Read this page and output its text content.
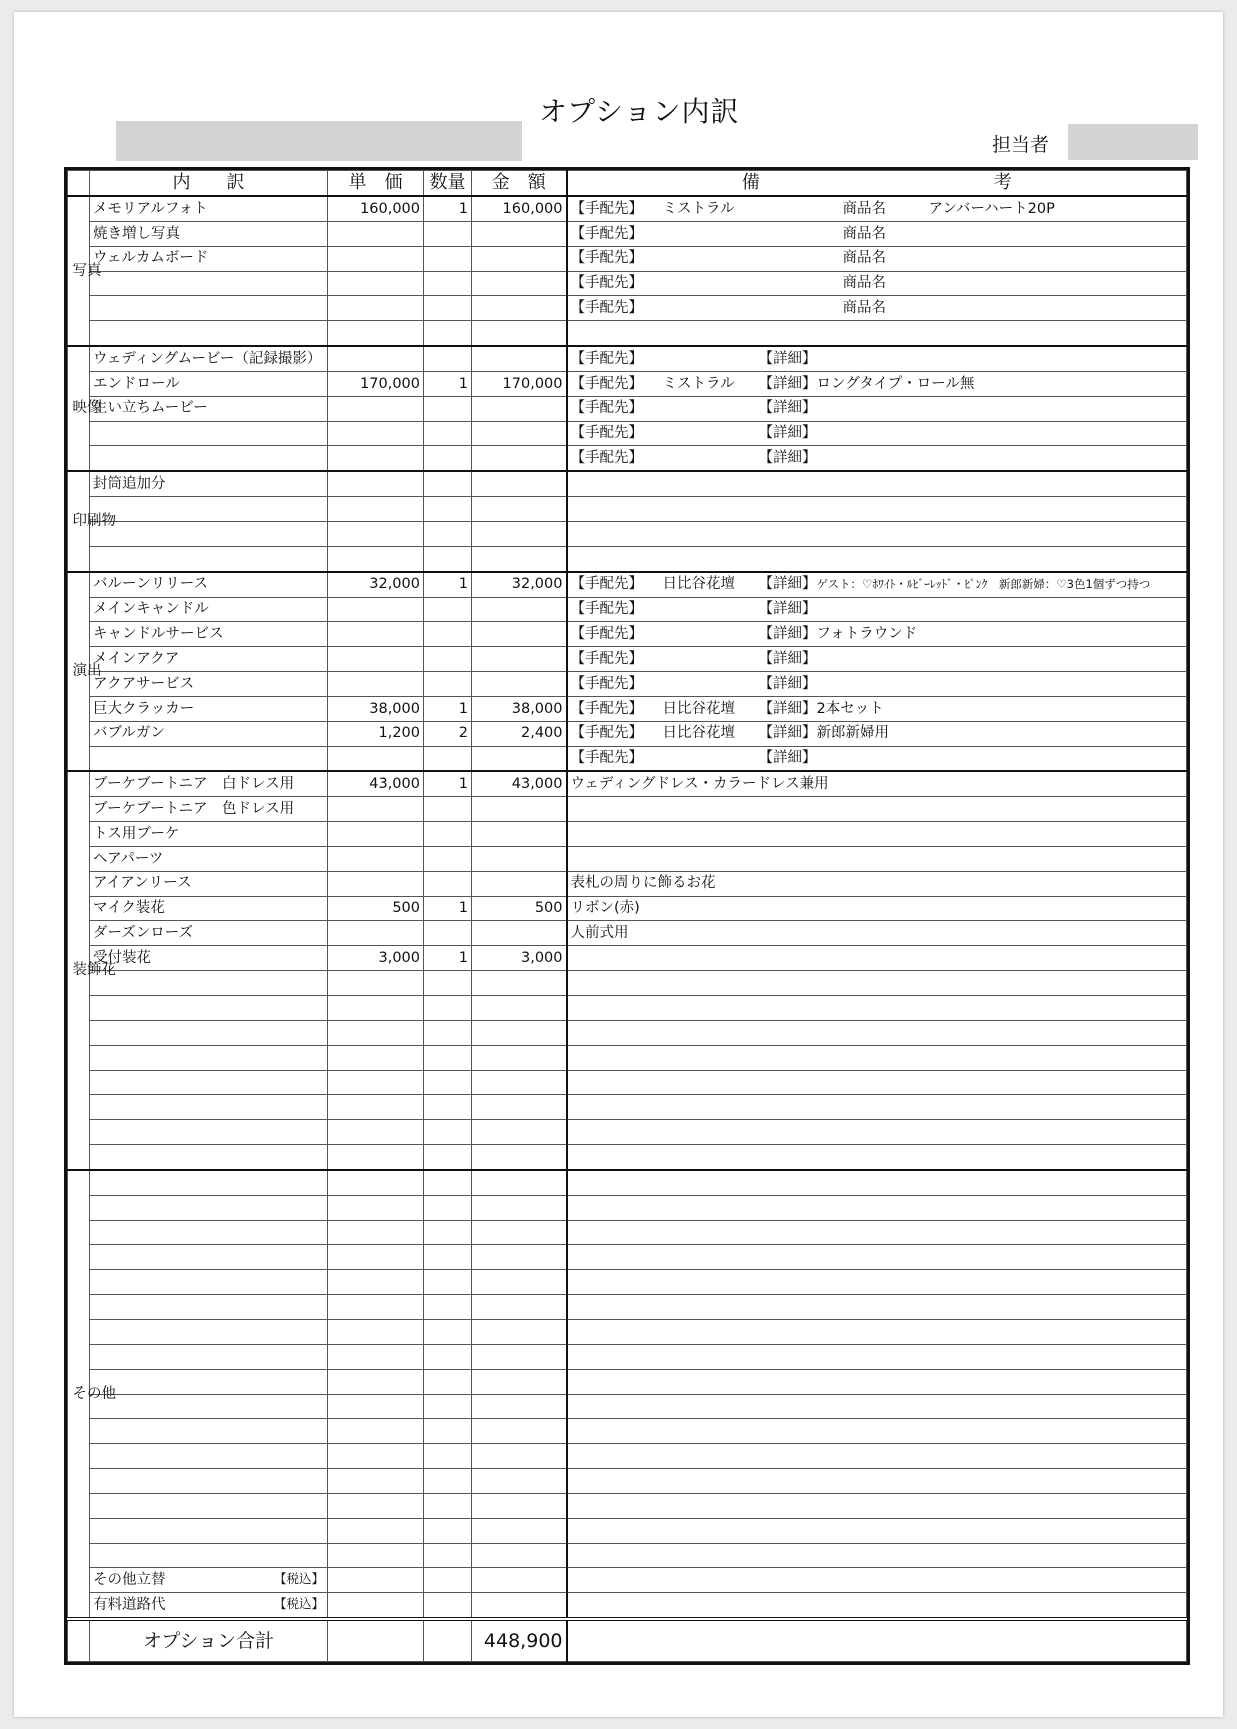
オプション内訳
担当者
	内　　訳	単　価	数量	金　額	備　　　　　　　　　　　　　考
写真	メモリアルフォト	160,000	1	160,000	【手配先】 ミストラル 商品名 アンバーハート20P
	焼き増し写真				【手配先】 商品名
	ウェルカムボード				【手配先】 商品名
					【手配先】 商品名
					【手配先】 商品名

映像	ウェディングムービー（記録撮影）				【手配先】 【詳細】
	エンドロール	170,000	1	170,000	【手配先】 ミストラル 【詳細】ロングタイプ・ロール無
	生い立ちムービー				【手配先】 【詳細】
					【手配先】 【詳細】
					【手配先】 【詳細】
印刷物	封筒追加分				

演出	バルーンリリース	32,000	1	32,000	【手配先】 日比谷花壇 【詳細】ゲスト：♡ﾎﾜｲﾄ・ﾙﾋﾞｰﾚｯﾄﾞ・ﾋﾟﾝｸ　新郎新婦：♡3色1個ずつ持つ
	メインキャンドル				【手配先】 【詳細】
	キャンドルサービス				【手配先】 【詳細】フォトラウンド
	メインアクア				【手配先】 【詳細】
	アクアサービス				【手配先】 【詳細】
	巨大クラッカー	38,000	1	38,000	【手配先】 日比谷花壇 【詳細】2本セット
	バブルガン	1,200	2	2,400	【手配先】 日比谷花壇 【詳細】新郎新婦用
					【手配先】 【詳細】
装飾花	ブーケブートニア　白ドレス用	43,000	1	43,000	ウェディングドレス・カラードレス兼用
	ブーケブートニア　色ドレス用				
	トス用ブーケ				
	ヘアパーツ				
	アイアンリース				表札の周りに飾るお花
	マイク装花	500	1	500	リボン(赤)
	ダーズンローズ				人前式用
	受付装花	3,000	1	3,000	

その他					

	その他立替 【税込】				

	有料道路代 【税込】				

	オプション合計			448,900	
